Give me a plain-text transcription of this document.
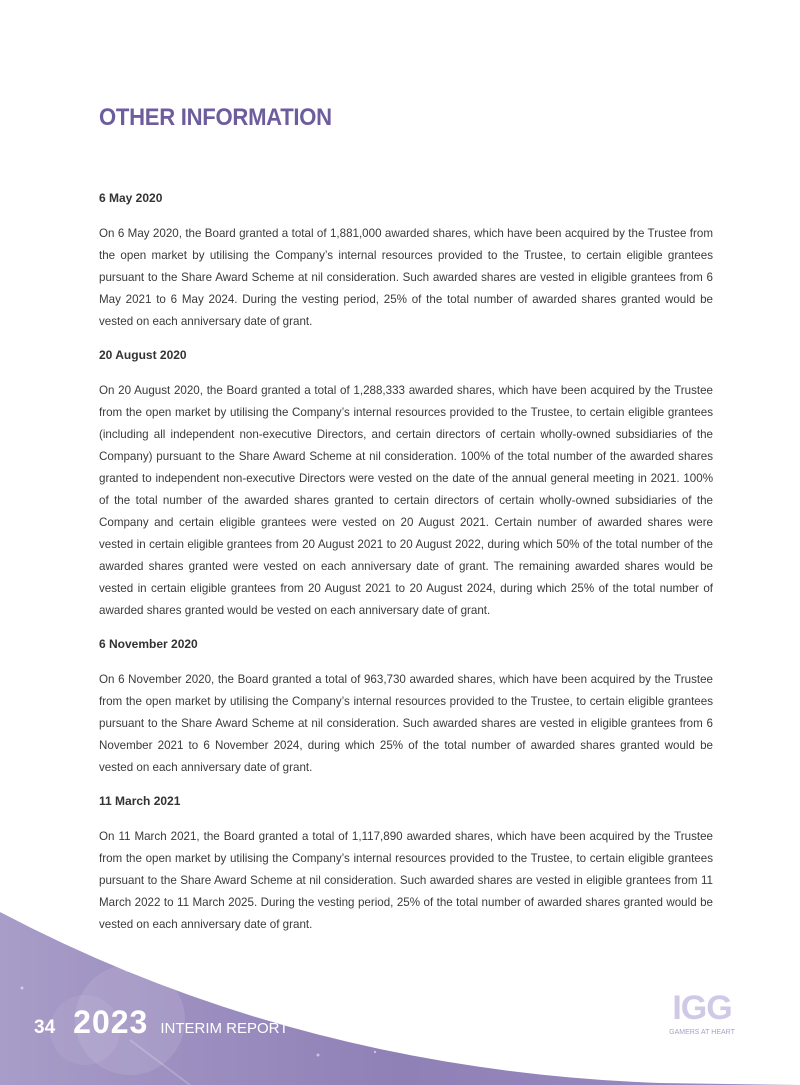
OTHER INFORMATION
6 May 2020

On 6 May 2020, the Board granted a total of 1,881,000 awarded shares, which have been acquired by the Trustee from the open market by utilising the Company’s internal resources provided to the Trustee, to certain eligible grantees pursuant to the Share Award Scheme at nil consideration. Such awarded shares are vested in eligible grantees from 6 May 2021 to 6 May 2024. During the vesting period, 25% of the total number of awarded shares granted would be vested on each anniversary date of grant.

20 August 2020

On 20 August 2020, the Board granted a total of 1,288,333 awarded shares, which have been acquired by the Trustee from the open market by utilising the Company’s internal resources provided to the Trustee, to certain eligible grantees (including all independent non-executive Directors, and certain directors of certain wholly-owned subsidiaries of the Company) pursuant to the Share Award Scheme at nil consideration. 100% of the total number of the awarded shares granted to independent non-executive Directors were vested on the date of the annual general meeting in 2021. 100% of the total number of the awarded shares granted to certain directors of certain wholly-owned subsidiaries of the Company and certain eligible grantees were vested on 20 August 2021. Certain number of awarded shares were vested in certain eligible grantees from 20 August 2021 to 20 August 2022, during which 50% of the total number of the awarded shares granted were vested on each anniversary date of grant. The remaining awarded shares would be vested in certain eligible grantees from 20 August 2021 to 20 August 2024, during which 25% of the total number of awarded shares granted would be vested on each anniversary date of grant.

6 November 2020

On 6 November 2020, the Board granted a total of 963,730 awarded shares, which have been acquired by the Trustee from the open market by utilising the Company’s internal resources provided to the Trustee, to certain eligible grantees pursuant to the Share Award Scheme at nil consideration. Such awarded shares are vested in eligible grantees from 6 November 2021 to 6 November 2024, during which 25% of the total number of awarded shares granted would be vested on each anniversary date of grant.

11 March 2021

On 11 March 2021, the Board granted a total of 1,117,890 awarded shares, which have been acquired by the Trustee from the open market by utilising the Company’s internal resources provided to the Trustee, to certain eligible grantees pursuant to the Share Award Scheme at nil consideration. Such awarded shares are vested in eligible grantees from 11 March 2022 to 11 March 2025. During the vesting period, 25% of the total number of awarded shares granted would be vested on each anniversary date of grant.

34 2023 INTERIM REPORT
IGG
GAMERS AT HEART
